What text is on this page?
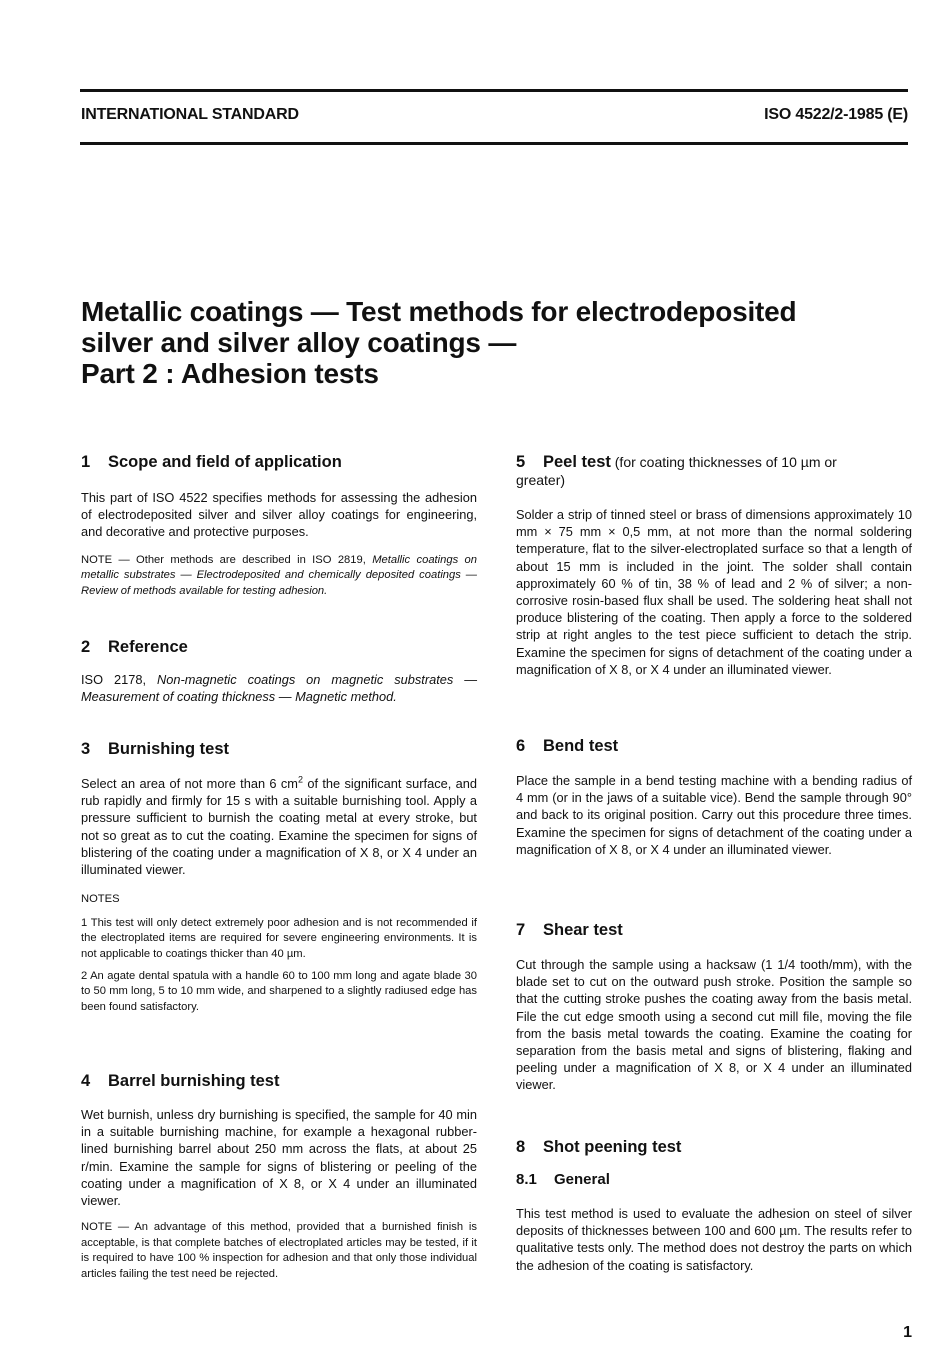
INTERNATIONAL STANDARD	ISO 4522/2-1985 (E)
Metallic coatings — Test methods for electrodeposited
silver and silver alloy coatings —
Part 2 : Adhesion tests
1 Scope and field of application
This part of ISO 4522 specifies methods for assessing the adhesion of electrodeposited silver and silver alloy coatings for engineering, and decorative and protective purposes.
NOTE — Other methods are described in ISO 2819, Metallic coatings on metallic substrates — Electrodeposited and chemically deposited coatings — Review of methods available for testing adhesion.
2 Reference
ISO 2178, Non-magnetic coatings on magnetic substrates — Measurement of coating thickness — Magnetic method.
3 Burnishing test
Select an area of not more than 6 $cm^2$ of the significant surface, and rub rapidly and firmly for 15 s with a suitable burnishing tool. Apply a pressure sufficient to burnish the coating metal at every stroke, but not so great as to cut the coating. Examine the specimen for signs of blistering of the coating under a magnification of X 8, or X 4 under an illuminated viewer.
NOTES
1 This test will only detect extremely poor adhesion and is not recommended if the electroplated items are required for severe engineering environments. It is not applicable to coatings thicker than 40 µm.
2 An agate dental spatula with a handle 60 to 100 mm long and agate blade 30 to 50 mm long, 5 to 10 mm wide, and sharpened to a slightly radiused edge has been found satisfactory.
4 Barrel burnishing test
Wet burnish, unless dry burnishing is specified, the sample for 40 min in a suitable burnishing machine, for example a hexagonal rubber-lined burnishing barrel about 250 mm across the flats, at about 25 r/min. Examine the sample for signs of blistering or peeling of the coating under a magnification of X 8, or X 4 under an illuminated viewer.
NOTE — An advantage of this method, provided that a burnished finish is acceptable, is that complete batches of electroplated articles may be tested, if it is required to have 100 % inspection for adhesion and that only those individual articles failing the test need be rejected.
5 Peel test (for coating thicknesses of 10 µm or
greater)
Solder a strip of tinned steel or brass of dimensions approximately 10 mm × 75 mm × 0,5 mm, at not more than the normal soldering temperature, flat to the silver-electroplated surface so that a length of about 15 mm is included in the joint. The solder shall contain approximately 60 % of tin, 38 % of lead and 2 % of silver; a non-corrosive rosin-based flux shall be used. The soldering heat shall not produce blistering of the coating. Then apply a force to the soldered strip at right angles to the test piece sufficient to detach the strip. Examine the specimen for signs of detachment of the coating under a magnification of X 8, or X 4 under an illuminated viewer.
6 Bend test
Place the sample in a bend testing machine with a bending radius of 4 mm (or in the jaws of a suitable vice). Bend the sample through 90° and back to its original position. Carry out this procedure three times. Examine the specimen for signs of detachment of the coating under a magnification of X 8, or X 4 under an illuminated viewer.
7 Shear test
Cut through the sample using a hacksaw (1 1/4 tooth/mm), with the blade set to cut on the outward push stroke. Position the sample so that the cutting stroke pushes the coating away from the basis metal. File the cut edge smooth using a second cut mill file, moving the file from the basis metal towards the coating. Examine the coating for separation from the basis metal and signs of blistering, flaking and peeling under a magnification of X 8, or X 4 under an illuminated viewer.
8 Shot peening test
8.1 General
This test method is used to evaluate the adhesion on steel of silver deposits of thicknesses between 100 and 600 µm. The results refer to qualitative tests only. The method does not destroy the parts on which the adhesion of the coating is satisfactory.
1
